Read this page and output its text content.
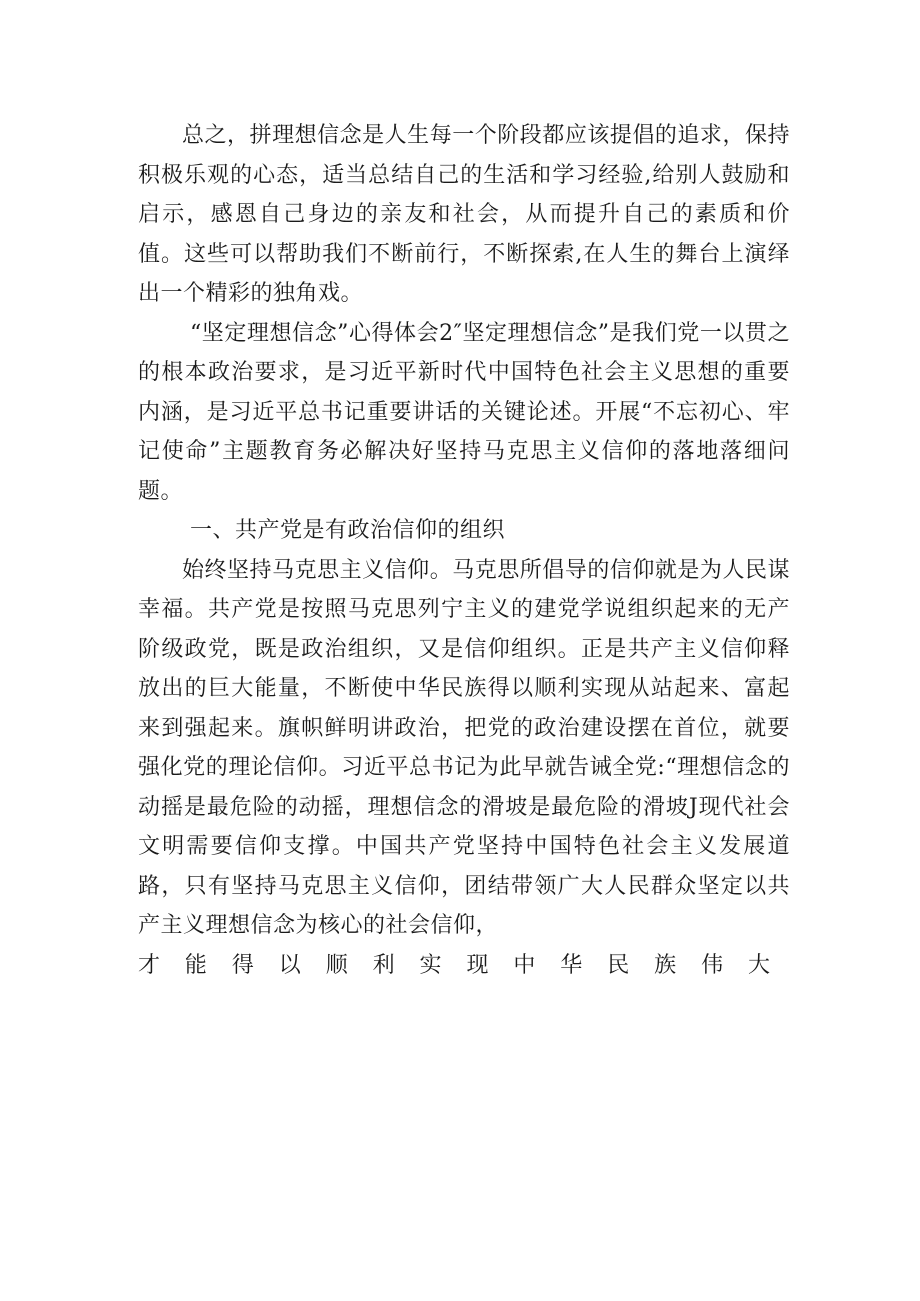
总之，拼理想信念是人生每一个阶段都应该提倡的追求，保持积极乐观的心态，适当总结自己的生活和学习经验,给别人鼓励和启示，感恩自己身边的亲友和社会，从而提升自己的素质和价值。这些可以帮助我们不断前行，不断探索,在人生的舞台上演绎出一个精彩的独角戏。

“坚定理想信念”心得体会2″坚定理想信念”是我们党一以贯之的根本政治要求，是习近平新时代中国特色社会主义思想的重要内涵，是习近平总书记重要讲话的关键论述。开展“不忘初心、牢记使命”主题教育务必解决好坚持马克思主义信仰的落地落细问题。

一、共产党是有政治信仰的组织

始终坚持马克思主义信仰。马克思所倡导的信仰就是为人民谋幸福。共产党是按照马克思列宁主义的建党学说组织起来的无产阶级政党，既是政治组织，又是信仰组织。正是共产主义信仰释放出的巨大能量，不断使中华民族得以顺利实现从站起来、富起来到强起来。旗帜鲜明讲政治，把党的政治建设摆在首位，就要强化党的理论信仰。习近平总书记为此早就告诫全党:“理想信念的动摇是最危险的动摇，理想信念的滑坡是最危险的滑坡J现代社会文明需要信仰支撑。中国共产党坚持中国特色社会主义发展道路，只有坚持马克思主义信仰，团结带领广大人民群众坚定以共产主义理想信念为核心的社会信仰，

才 能 得 以 顺 利 实 现 中 华 民 族 伟 大
